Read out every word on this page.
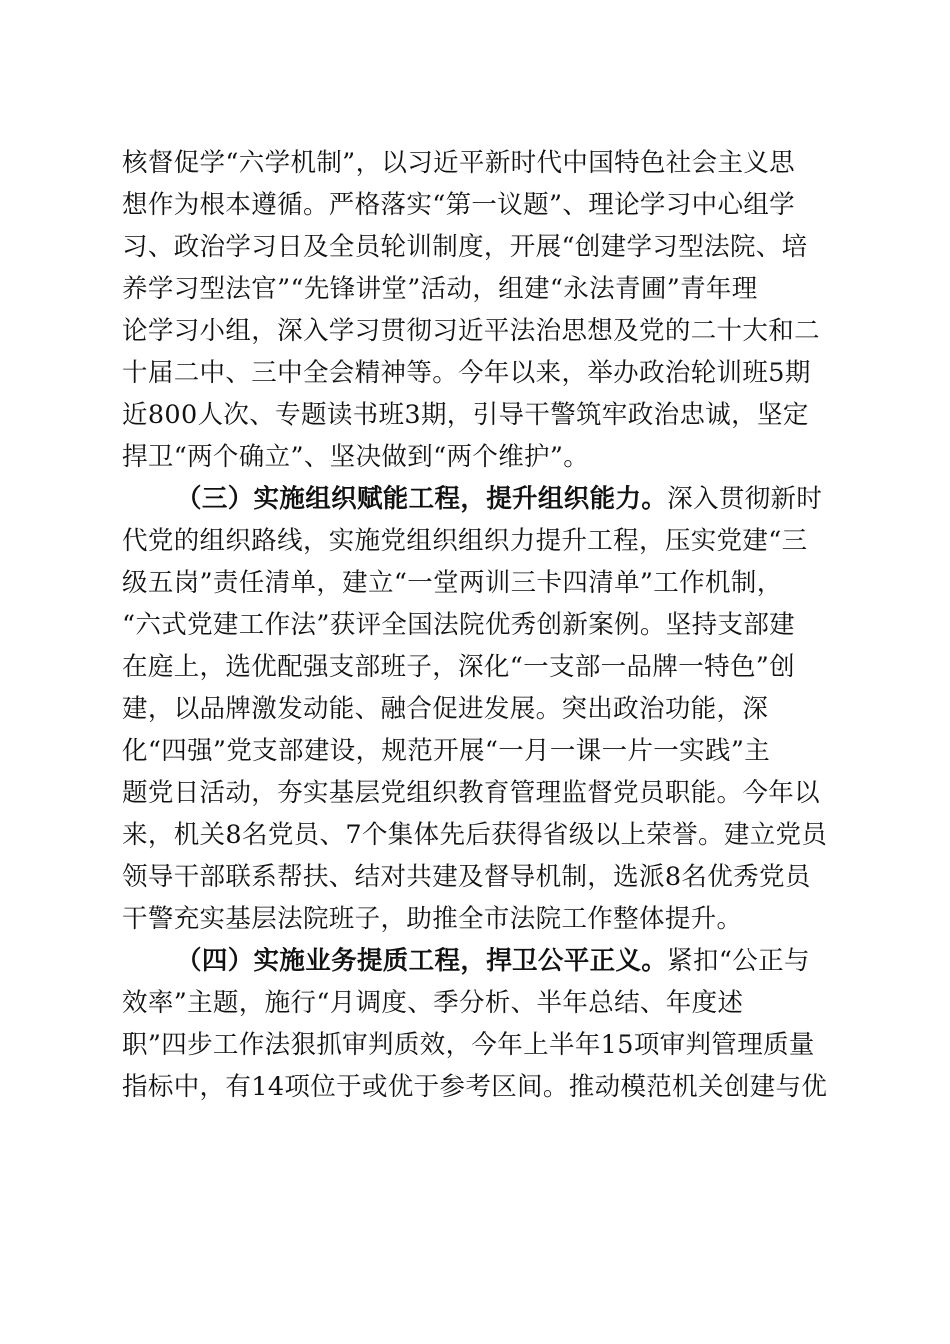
核督促学“六学机制”，以习近平新时代中国特色社会主义思
想作为根本遵循。严格落实“第一议题”、理论学习中心组学
习、政治学习日及全员轮训制度，开展“创建学习型法院、培
养学习型法官”“先锋讲堂”活动，组建“永法青圃”青年理
论学习小组，深入学习贯彻习近平法治思想及党的二十大和二
十届二中、三中全会精神等。今年以来，举办政治轮训班5期
近800人次、专题读书班3期，引导干警筑牢政治忠诚，坚定
捍卫“两个确立”、坚决做到“两个维护”。
（三）实施组织赋能工程，提升组织能力。深入贯彻新时
代党的组织路线，实施党组织组织力提升工程，压实党建“三
级五岗”责任清单，建立“一堂两训三卡四清单”工作机制，
“六式党建工作法”获评全国法院优秀创新案例。坚持支部建
在庭上，选优配强支部班子，深化“一支部一品牌一特色”创
建，以品牌激发动能、融合促进发展。突出政治功能，深
化“四强”党支部建设，规范开展“一月一课一片一实践”主
题党日活动，夯实基层党组织教育管理监督党员职能。今年以
来，机关8名党员、7个集体先后获得省级以上荣誉。建立党员
领导干部联系帮扶、结对共建及督导机制，选派8名优秀党员
干警充实基层法院班子，助推全市法院工作整体提升。
（四）实施业务提质工程，捍卫公平正义。紧扣“公正与
效率”主题，施行“月调度、季分析、半年总结、年度述
职”四步工作法狠抓审判质效，今年上半年15项审判管理质量
指标中，有14项位于或优于参考区间。推动模范机关创建与优
